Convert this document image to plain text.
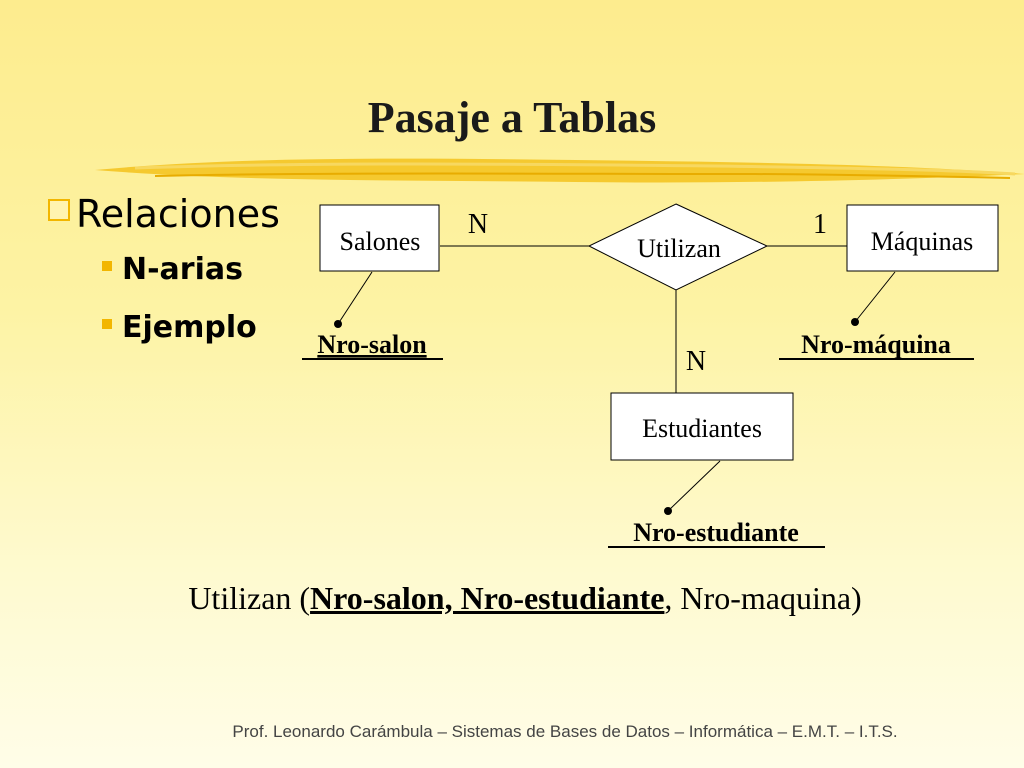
Pasaje a Tablas
Relaciones
N-arias
Ejemplo
Salones	Utilizan	Máquinas
Estudiantes
N	1
N
Nro-salon	Nro-máquina
Nro-estudiante
Utilizan (Nro-salon, Nro-estudiante, Nro-maquina)
Prof. Leonardo Carámbula – Sistemas de Bases de Datos – Informática – E.M.T. – I.T.S.
